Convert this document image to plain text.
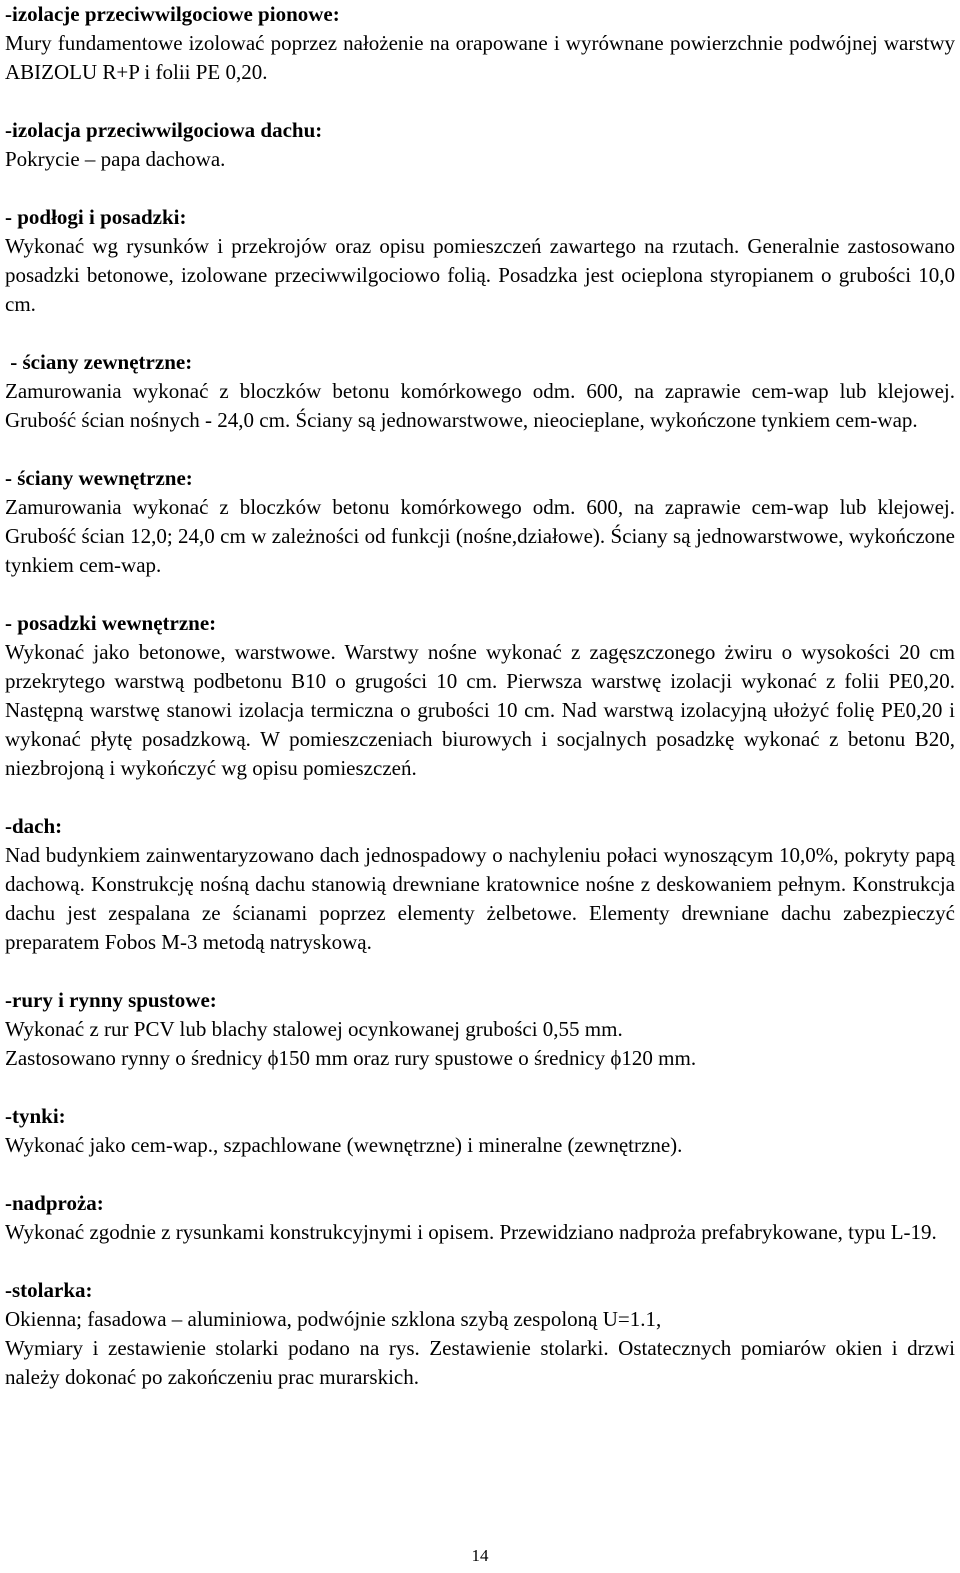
-izolacje przeciwwilgociowe pionowe:
Mury fundamentowe izolować poprzez nałożenie na orapowane i wyrównane powierzchnie podwójnej warstwy ABIZOLU R+P i folii PE 0,20.
-izolacja przeciwwilgociowa dachu:
Pokrycie – papa dachowa.
- podłogi i posadzki:
Wykonać wg rysunków i przekrojów oraz opisu pomieszczeń zawartego na rzutach. Generalnie zastosowano posadzki betonowe, izolowane przeciwwilgociowo folią. Posadzka jest ocieplona styropianem o grubości 10,0 cm.
- ściany zewnętrzne:
Zamurowania wykonać z bloczków betonu komórkowego odm. 600, na zaprawie cem-wap lub klejowej. Grubość ścian nośnych - 24,0 cm. Ściany są jednowarstwowe, nieocieplane, wykończone tynkiem cem-wap.
- ściany wewnętrzne:
Zamurowania wykonać z bloczków betonu komórkowego odm. 600, na zaprawie cem-wap lub klejowej. Grubość ścian 12,0; 24,0 cm w zależności od funkcji (nośne,działowe). Ściany są jednowarstwowe, wykończone tynkiem cem-wap.
- posadzki wewnętrzne:
Wykonać jako betonowe, warstwowe. Warstwy nośne wykonać z zagęszczonego żwiru o wysokości 20 cm przekrytego warstwą podbetonu B10 o grugości 10 cm. Pierwsza warstwę izolacji wykonać z folii PE0,20. Następną warstwę stanowi izolacja termiczna o grubości 10 cm. Nad warstwą izolacyjną ułożyć folię PE0,20 i wykonać płytę posadzkową. W pomieszczeniach biurowych i socjalnych posadzkę wykonać z betonu B20, niezbrojoną i wykończyć wg opisu pomieszczeń.
-dach:
Nad budynkiem zainwentaryzowano dach jednospadowy o nachyleniu połaci wynoszącym 10,0%, pokryty papą dachową. Konstrukcję nośną dachu stanowią drewniane kratownice nośne z deskowaniem pełnym. Konstrukcja dachu jest zespalana ze ścianami poprzez elementy żelbetowe. Elementy drewniane dachu zabezpieczyć preparatem Fobos M-3 metodą natryskową.
-rury i rynny spustowe:
Wykonać z rur PCV lub blachy stalowej ocynkowanej grubości 0,55 mm.
Zastosowano rynny o średnicy ϕ150 mm oraz rury spustowe o średnicy ϕ120 mm.
-tynki:
Wykonać jako cem-wap., szpachlowane (wewnętrzne) i mineralne (zewnętrzne).
-nadproża:
Wykonać zgodnie z rysunkami konstrukcyjnymi i opisem. Przewidziano nadproża prefabrykowane, typu L-19.
-stolarka:
Okienna; fasadowa – aluminiowa, podwójnie szklona szybą zespoloną U=1.1,
Wymiary i zestawienie stolarki podano na rys. Zestawienie stolarki. Ostatecznych pomiarów okien i drzwi należy dokonać po zakończeniu prac murarskich.
14
